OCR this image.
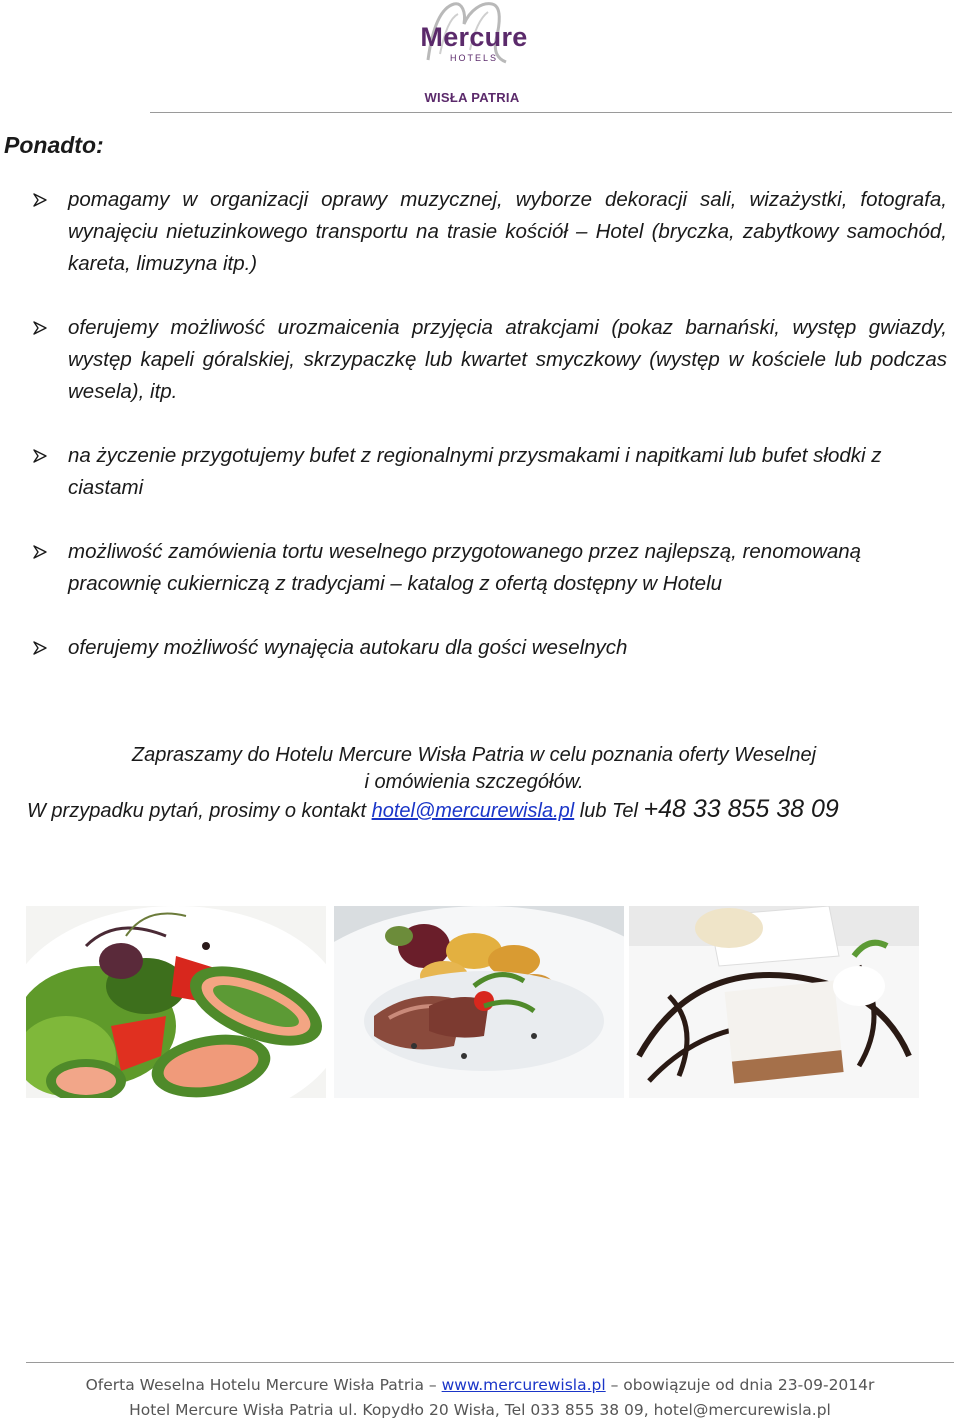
Mercure
HOTELS
WISŁA PATRIA
Ponadto:
pomagamy w organizacji oprawy muzycznej, wyborze dekoracji sali, wizażystki, fotografa, wynajęciu nietuzinkowego transportu na trasie kościół – Hotel (bryczka, zabytkowy samochód, kareta, limuzyna itp.)
oferujemy możliwość urozmaicenia przyjęcia atrakcjami (pokaz barnański, występ gwiazdy, występ kapeli góralskiej, skrzypaczkę lub kwartet smyczkowy (występ w kościele lub podczas wesela), itp.
na życzenie przygotujemy bufet z regionalnymi przysmakami i napitkami lub bufet słodki z ciastami
możliwość zamówienia tortu weselnego przygotowanego przez najlepszą, renomowaną pracownię cukierniczą z tradycjami – katalog z ofertą dostępny w Hotelu
oferujemy możliwość wynajęcia autokaru dla gości weselnych
Zapraszamy do Hotelu Mercure Wisła Patria w celu poznania oferty Weselnej
i omówienia szczegółów.
W przypadku pytań, prosimy o kontakt hotel@mercurewisla.pl lub Tel +48 33 855 38 09
Oferta Weselna Hotelu Mercure Wisła Patria – www.mercurewisla.pl – obowiązuje od dnia 23-09-2014r
Hotel Mercure Wisła Patria ul. Kopydło 20 Wisła, Tel 033 855 38 09, hotel@mercurewisla.pl
